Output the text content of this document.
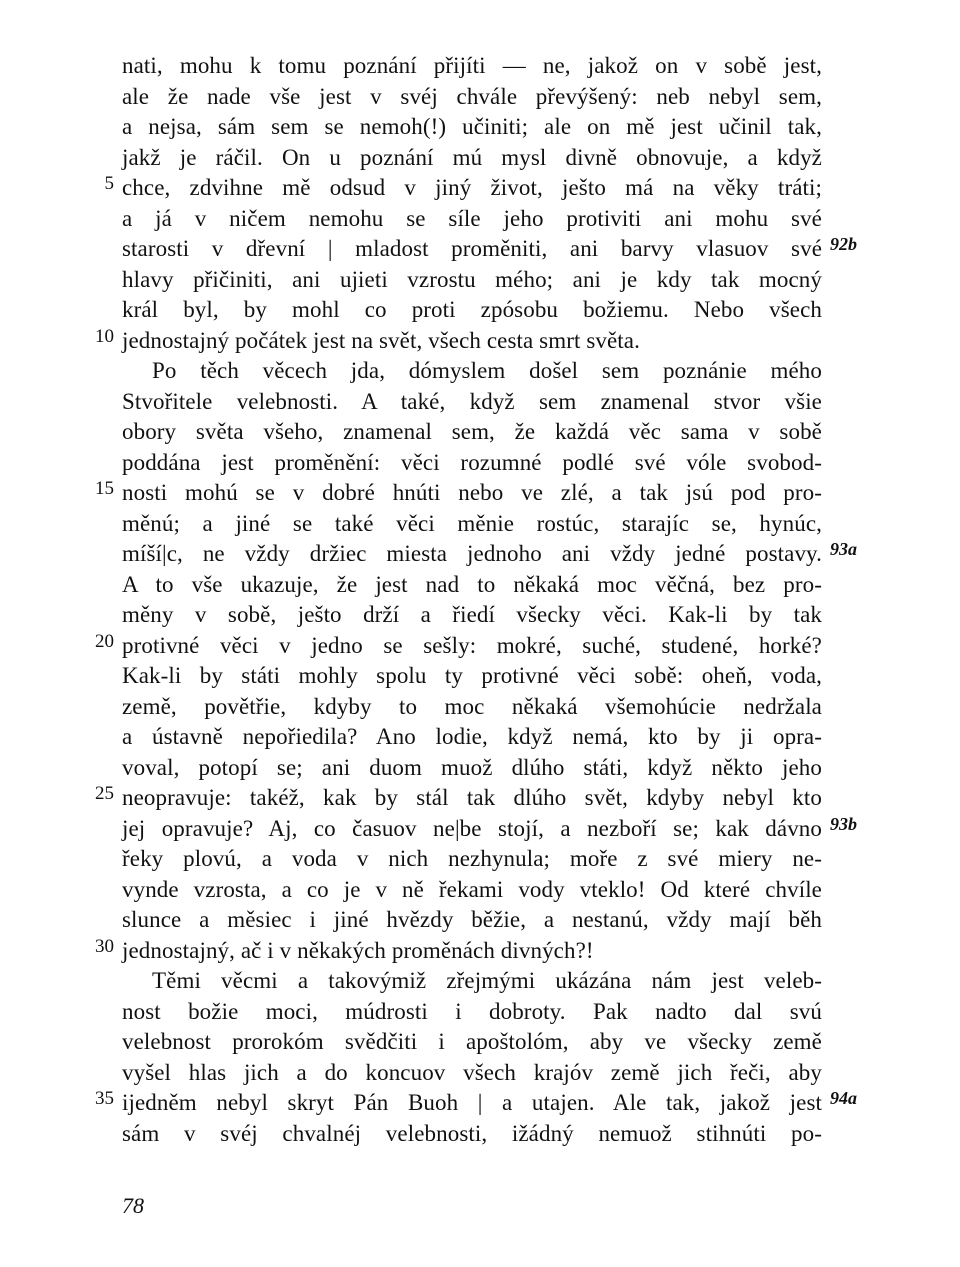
nati, mohu k tomu poznání přijíti — ne, jakož on v sobě jest,
ale že nade vše jest v svéj chvále převýšený: neb nebyl sem,
a nejsa, sám sem se nemoh(!) učiniti; ale on mě jest učinil tak,
jakž je ráčil. On u poznání mú mysl divně obnovuje, a když
chce, zdvihne mě odsud v jiný život, ješto má na věky tráti;
5
a já v ničem nemohu se síle jeho protiviti ani mohu své
starosti v dřevní | mladost proměniti, ani barvy vlasuov své 92b
hlavy přičiniti, ani ujieti vzrostu mého; ani je kdy tak mocný
král byl, by mohl co proti zpósobu božiemu. Nebo všech
jednostajný počátek jest na svět, všech cesta smrt světa.
10
Po těch věcech jda, dómyslem došel sem poznánie mého
Stvořitele velebnosti. A také, když sem znamenal stvor všie
obory světa všeho, znamenal sem, že každá věc sama v sobě
poddána jest proměnění: věci rozumné podlé své vóle svobod-
nosti mohú se v dobré hnúti nebo ve zlé, a tak jsú pod pro-
15
měnú; a jiné se také věci měnie rostúc, starajíc se, hynúc,
míší|c, ne vždy držiec miesta jednoho ani vždy jedné postavy. 93a
A to vše ukazuje, že jest nad to někaká moc věčná, bez pro-
měny v sobě, ješto drží a řiedí všecky věci. Kak-li by tak
protivné věci v jedno se sešly: mokré, suché, studené, horké?
20
Kak-li by státi mohly spolu ty protivné věci sobě: oheň, voda,
země, povětřie, kdyby to moc někaká všemohúcie nedržala
a ústavně nepořiedila? Ano lodie, když nemá, kto by ji opra-
voval, potopí se; ani duom muož dlúho státi, když někto jeho
neopravuje: takéž, kak by stál tak dlúho svět, kdyby nebyl kto
25
jej opravuje? Aj, co časuov ne|be stojí, a nezboří se; kak dávno 93b
řeky plovú, a voda v nich nezhynula; moře z své miery ne-
vynde vzrosta, a co je v ně řekami vody vteklo! Od které chvíle
slunce a měsiec i jiné hvězdy běžie, a nestanú, vždy mají běh
jednostajný, ač i v někakých proměnách divných?!
30
Těmi věcmi a takovýmiž zřejmými ukázána nám jest veleb-
nost božie moci, múdrosti i dobroty. Pak nadto dal svú
velebnost prorokóm svědčiti i apoštolóm, aby ve všecky země
vyšel hlas jich a do koncuov všech krajóv země jich řeči, aby
ijedněm nebyl skryt Pán Buoh | a utajen. Ale tak, jakož jest
35	94a
sám v svéj chvalnéj velebnosti, ižádný nemuož stihnúti po-
78
